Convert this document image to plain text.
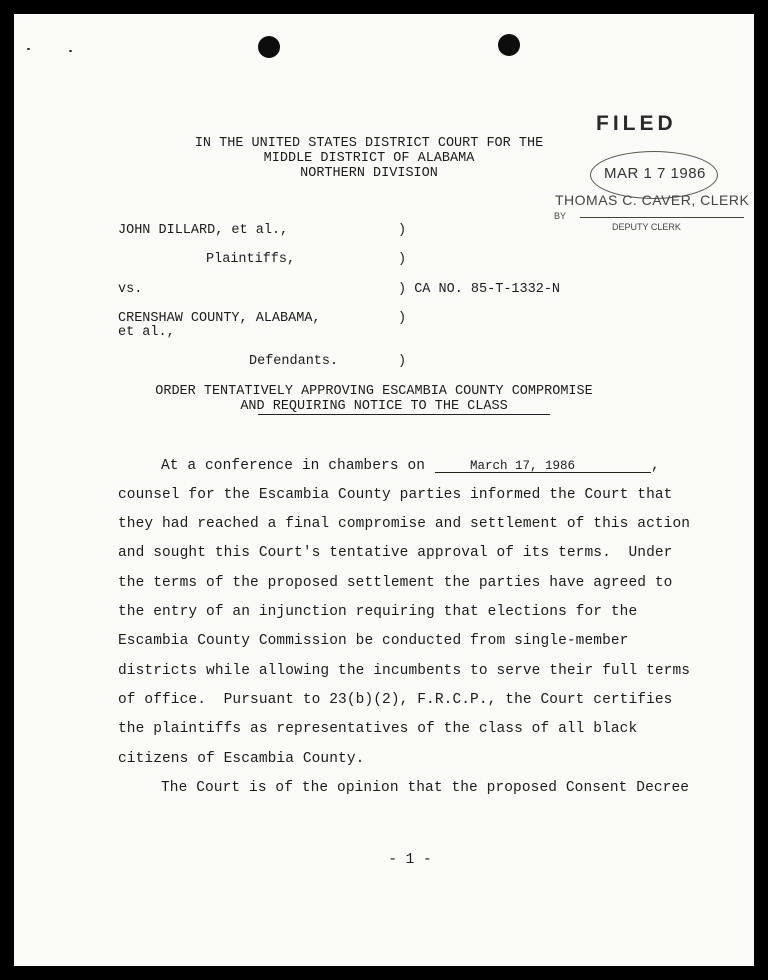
IN THE UNITED STATES DISTRICT COURT FOR THE
MIDDLE DISTRICT OF ALABAMA
NORTHERN DIVISION
FILED
MAR 1 7 1986
THOMAS C. CAVER, CLERK
BY
DEPUTY CLERK
JOHN DILLARD, et al.,	)
Plaintiffs,	)
vs.	) CA NO. 85-T-1332-N
CRENSHAW COUNTY, ALABAMA,	)
et al.,
Defendants.	)
ORDER TENTATIVELY APPROVING ESCAMBIA COUNTY COMPROMISE
AND REQUIRING NOTICE TO THE CLASS
At a conference in chambers on	March 17, 1986	,
counsel for the Escambia County parties informed the Court that
they had reached a final compromise and settlement of this action
and sought this Court's tentative approval of its terms.  Under
the terms of the proposed settlement the parties have agreed to
the entry of an injunction requiring that elections for the
Escambia County Commission be conducted from single-member
districts while allowing the incumbents to serve their full terms
of office.  Pursuant to 23(b)(2), F.R.C.P., the Court certifies
the plaintiffs as representatives of the class of all black
citizens of Escambia County.
The Court is of the opinion that the proposed Consent Decree
- 1 -
